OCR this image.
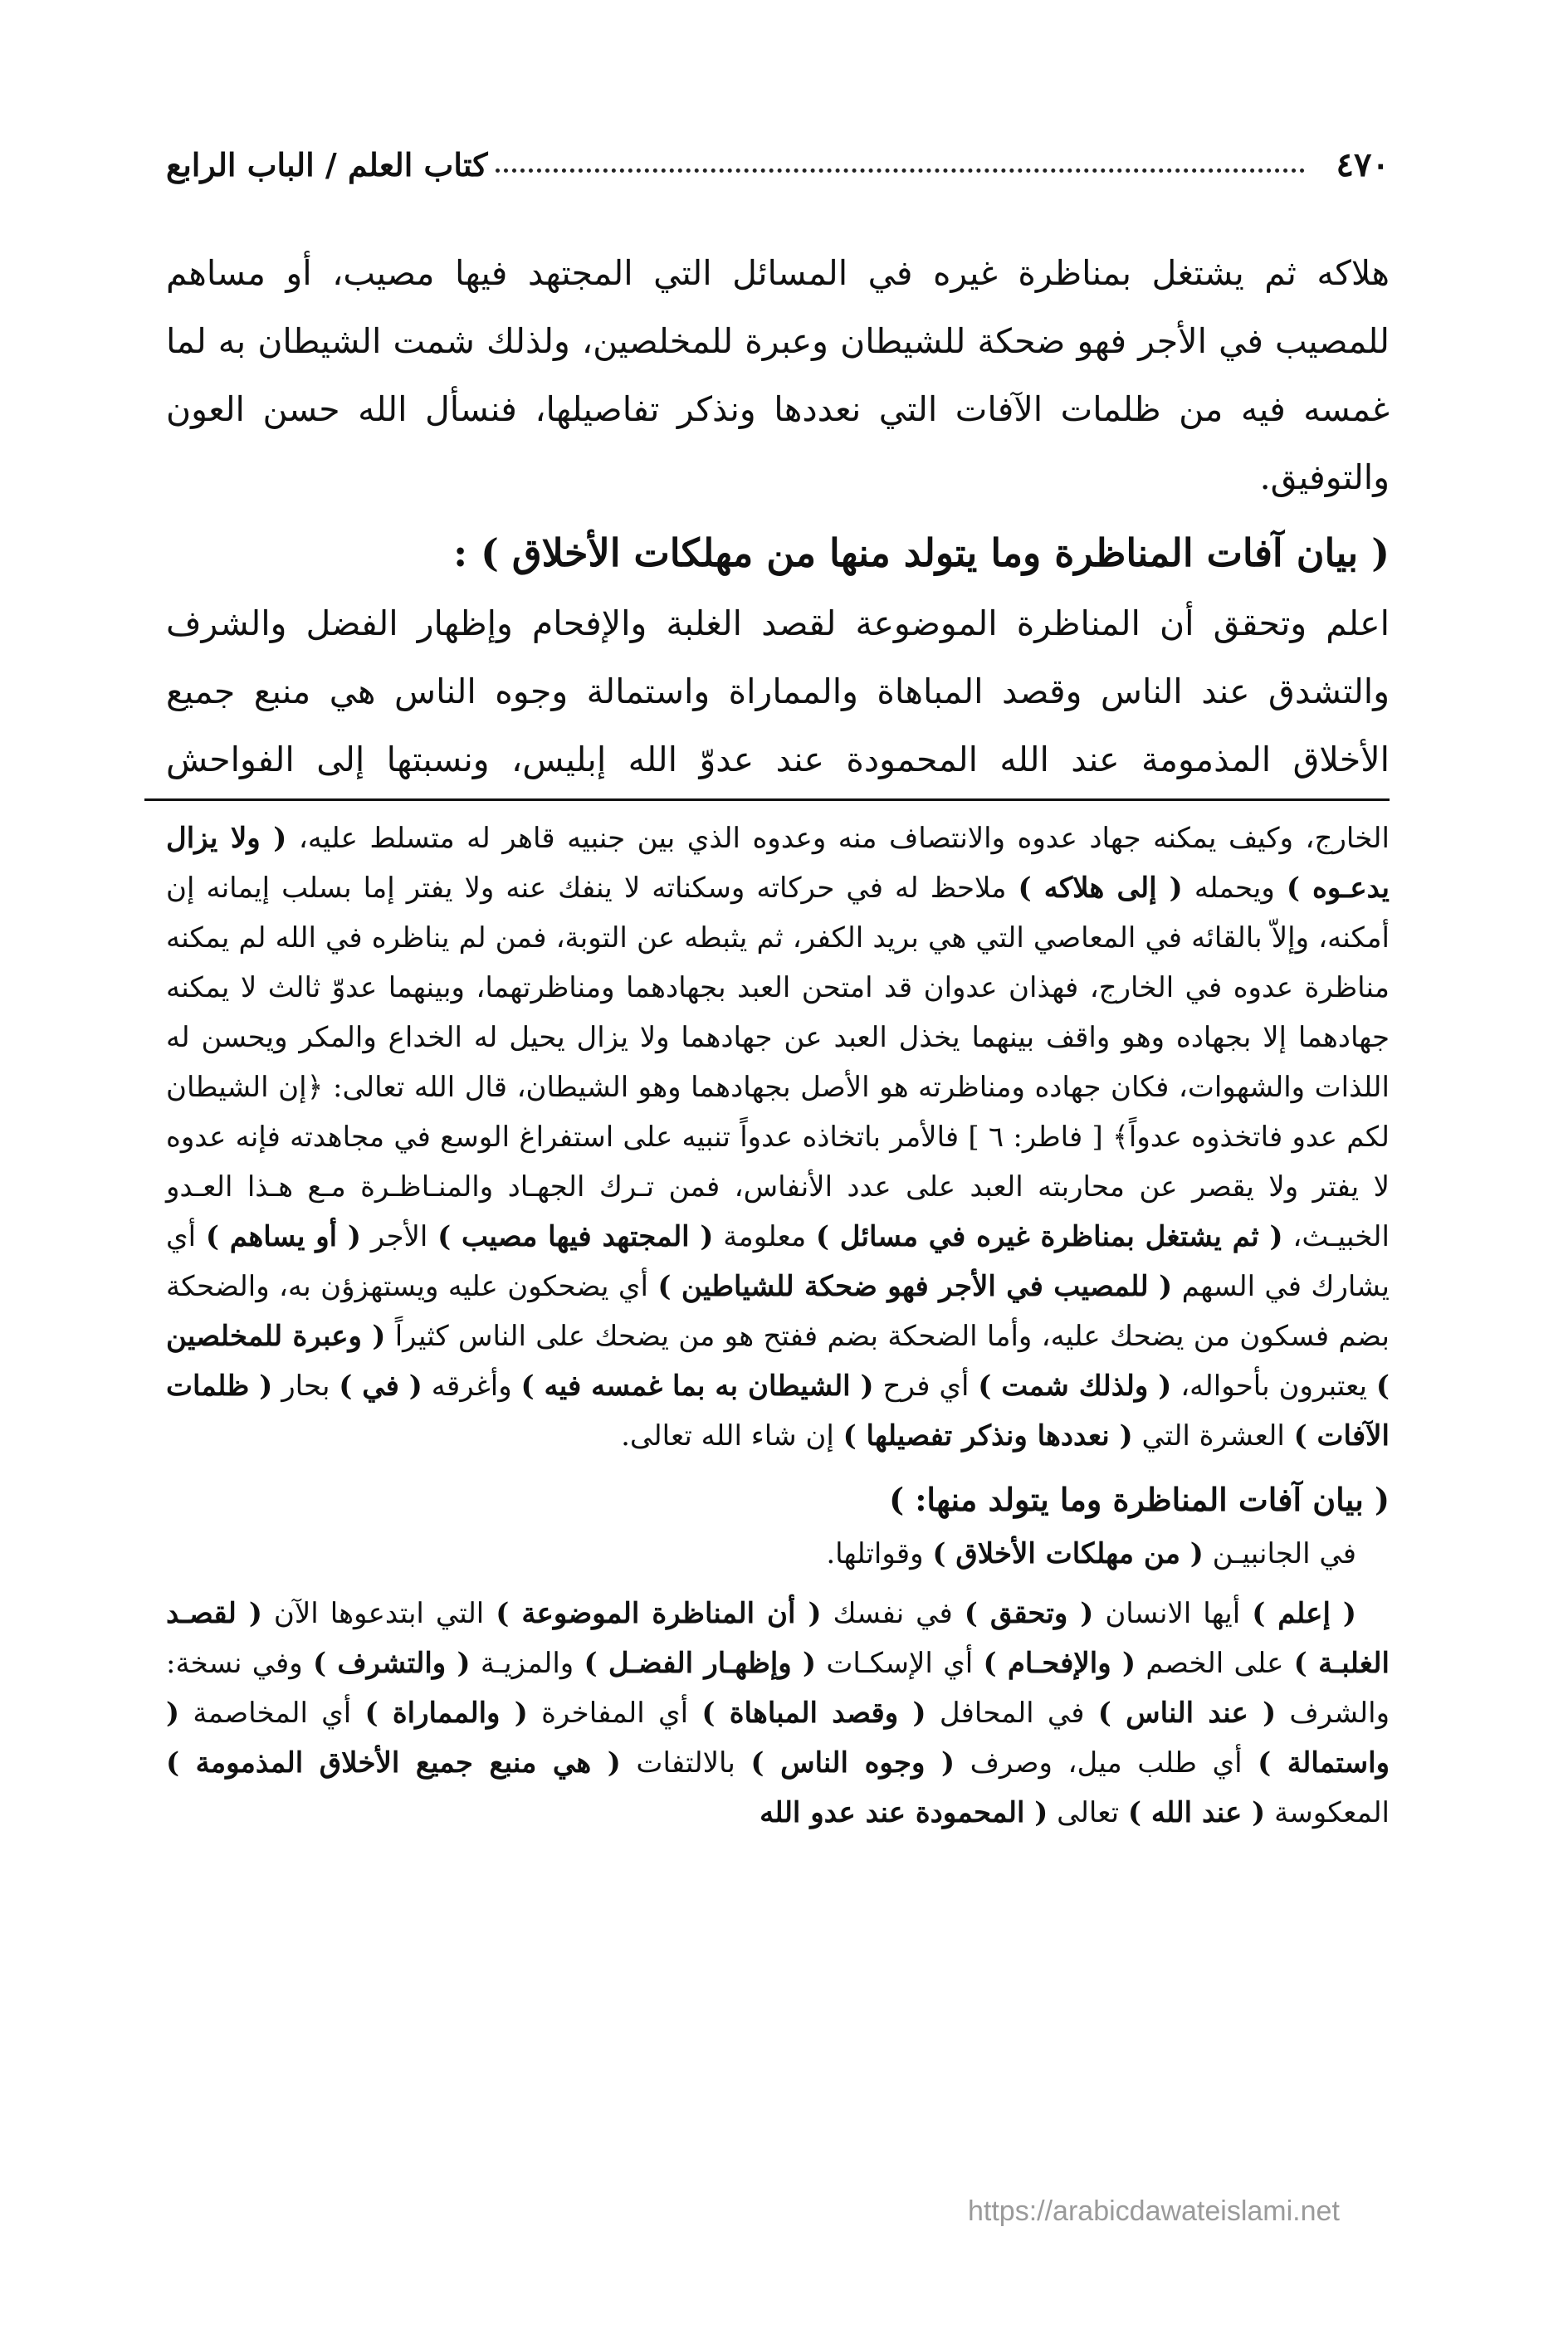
٤٧٠
كتاب العلم / الباب الرابع

هلاكه ثم يشتغل بمناظرة غيره في المسائل التي المجتهد فيها مصيب، أو مساهم للمصيب في الأجر فهو ضحكة للشيطان وعبرة للمخلصين، ولذلك شمت الشيطان به لما غمسه فيه من ظلمات الآفات التي نعددها ونذكر تفاصيلها، فنسأل الله حسن العون والتوفيق.

( بيان آفات المناظرة وما يتولد منها من مهلكات الأخلاق ) :

اعلم وتحقق أن المناظرة الموضوعة لقصد الغلبة والإفحام وإظهار الفضل والشرف والتشدق عند الناس وقصد المباهاة والمماراة واستمالة وجوه الناس هي منبع جميع الأخلاق المذمومة عند الله المحمودة عند عدوّ الله إبليس، ونسبتها إلى الفواحش

الخارج، وكيف يمكنه جهاد عدوه والانتصاف منه وعدوه الذي بين جنبيه قاهر له متسلط عليه، ( ولا يزال يدعـوه ) ويحمله ( إلى هلاكه ) ملاحظ له في حركاته وسكناته لا ينفك عنه ولا يفتر إما بسلب إيمانه إن أمكنه، وإلاّ بالقائه في المعاصي التي هي بريد الكفر، ثم يثبطه عن التوبة، فمن لم يناظره في الله لم يمكنه مناظرة عدوه في الخارج، فهذان عدوان قد امتحن العبد بجهادهما ومناظرتهما، وبينهما عدوّ ثالث لا يمكنه جهادهما إلا بجهاده وهو واقف بينهما يخذل العبد عن جهادهما ولا يزال يحيل له الخداع والمكر ويحسن له اللذات والشهوات، فكان جهاده ومناظرته هو الأصل بجهادهما وهو الشيطان، قال الله تعالى: ﴿إن الشيطان لكم عدو فاتخذوه عدواً﴾ [ فاطر: ٦ ] فالأمر باتخاذه عدواً تنبيه على استفراغ الوسع في مجاهدته فإنه عدوه لا يفتر ولا يقصر عن محاربته العبد على عدد الأنفاس، فمن تـرك الجهـاد والمنـاظـرة مـع هـذا العـدو الخبيـث، ( ثم يشتغل بمناظرة غيره في مسائل ) معلومة ( المجتهد فيها مصيب ) الأجر ( أو يساهم ) أي يشارك في السهم ( للمصيب في الأجر فهو ضحكة للشياطين ) أي يضحكون عليه ويستهزؤن به، والضحكة بضم فسكون من يضحك عليه، وأما الضحكة بضم ففتح هو من يضحك على الناس كثيراً ( وعبرة للمخلصين ) يعتبرون بأحواله، ( ولذلك شمت ) أي فرح ( الشيطان به بما غمسه فيه ) وأغرقه ( في ) بحار ( ظلمات الآفات ) العشرة التي ( نعددها ونذكر تفصيلها ) إن شاء الله تعالى.

( بيان آفات المناظرة وما يتولد منها: )

في الجانبيـن ( من مهلكات الأخلاق ) وقواتلها.

( إعلم ) أيها الانسان ( وتحقق ) في نفسك ( أن المناظرة الموضوعة ) التي ابتدعوها الآن ( لقصـد الغلبـة ) على الخصم ( والإفحـام ) أي الإسكـات ( وإظهـار الفضـل ) والمزيـة ( والتشرف ) وفي نسخة: والشرف ( عند الناس ) في المحافل ( وقصد المباهاة ) أي المفاخرة ( والمماراة ) أي المخاصمة ( واستمالة ) أي طلب ميل، وصرف ( وجوه الناس ) بالالتفات ( هي منبع جميع الأخلاق المذمومة ) المعكوسة ( عند الله ) تعالى ( المحمودة عند عدو الله

https://arabicdawateislami.net
